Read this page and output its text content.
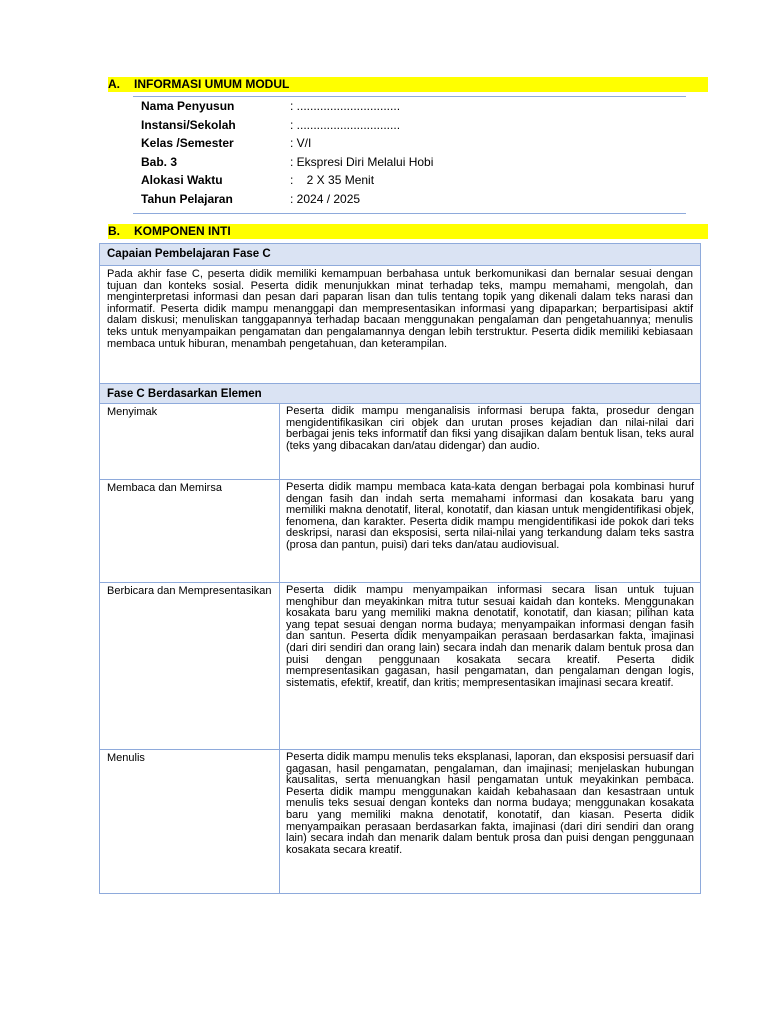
A. INFORMASI UMUM MODUL
Nama Penyusun	: ...............................
Instansi/Sekolah	: ...............................
Kelas /Semester	: V/I
Bab. 3	: Ekspresi Diri Melalui Hobi
Alokasi Waktu	:    2 X 35 Menit
Tahun Pelajaran	: 2024 / 2025
B. KOMPONEN INTI
Capaian Pembelajaran Fase C
Pada akhir fase C, peserta didik memiliki kemampuan berbahasa untuk berkomunikasi dan bernalar sesuai dengan tujuan dan konteks sosial. Peserta didik menunjukkan minat terhadap teks, mampu memahami, mengolah, dan menginterpretasi informasi dan pesan dari paparan lisan dan tulis tentang topik yang dikenali dalam teks narasi dan informatif. Peserta didik mampu menanggapi dan mempresentasikan informasi yang dipaparkan; berpartisipasi aktif dalam diskusi; menuliskan tanggapannya terhadap bacaan menggunakan pengalaman dan pengetahuannya; menulis teks untuk menyampaikan pengamatan dan pengalamannya dengan lebih terstruktur. Peserta didik memiliki kebiasaan membaca untuk hiburan, menambah pengetahuan, dan keterampilan.
Fase C Berdasarkan Elemen
Menyimak	Peserta didik mampu menganalisis informasi berupa fakta, prosedur dengan mengidentifikasikan ciri objek dan urutan proses kejadian dan nilai-nilai dari berbagai jenis teks informatif dan fiksi yang disajikan dalam bentuk lisan, teks aural (teks yang dibacakan dan/atau didengar) dan audio.
Membaca dan Memirsa	Peserta didik mampu membaca kata-kata dengan berbagai pola kombinasi huruf dengan fasih dan indah serta memahami informasi dan kosakata baru yang memiliki makna denotatif, literal, konotatif, dan kiasan untuk mengidentifikasi objek, fenomena, dan karakter. Peserta didik mampu mengidentifikasi ide pokok dari teks deskripsi, narasi dan eksposisi, serta nilai-nilai yang terkandung dalam teks sastra (prosa dan pantun, puisi) dari teks dan/atau audiovisual.
Berbicara dan Mempresentasikan	Peserta didik mampu menyampaikan informasi secara lisan untuk tujuan menghibur dan meyakinkan mitra tutur sesuai kaidah dan konteks. Menggunakan kosakata baru yang memiliki makna denotatif, konotatif, dan kiasan; pilihan kata yang tepat sesuai dengan norma budaya; menyampaikan informasi dengan fasih dan santun. Peserta didik menyampaikan perasaan berdasarkan fakta, imajinasi (dari diri sendiri dan orang lain) secara indah dan menarik dalam bentuk prosa dan puisi dengan penggunaan kosakata secara kreatif. Peserta didik mempresentasikan gagasan, hasil pengamatan, dan pengalaman dengan logis, sistematis, efektif, kreatif, dan kritis; mempresentasikan imajinasi secara kreatif.
Menulis	Peserta didik mampu menulis teks eksplanasi, laporan, dan eksposisi persuasif dari gagasan, hasil pengamatan, pengalaman, dan imajinasi; menjelaskan hubungan kausalitas, serta menuangkan hasil pengamatan untuk meyakinkan pembaca. Peserta didik mampu menggunakan kaidah kebahasaan dan kesastraan untuk menulis teks sesuai dengan konteks dan norma budaya; menggunakan kosakata baru yang memiliki makna denotatif, konotatif, dan kiasan. Peserta didik menyampaikan perasaan berdasarkan fakta, imajinasi (dari diri sendiri dan orang lain) secara indah dan menarik dalam bentuk prosa dan puisi dengan penggunaan kosakata secara kreatif.
